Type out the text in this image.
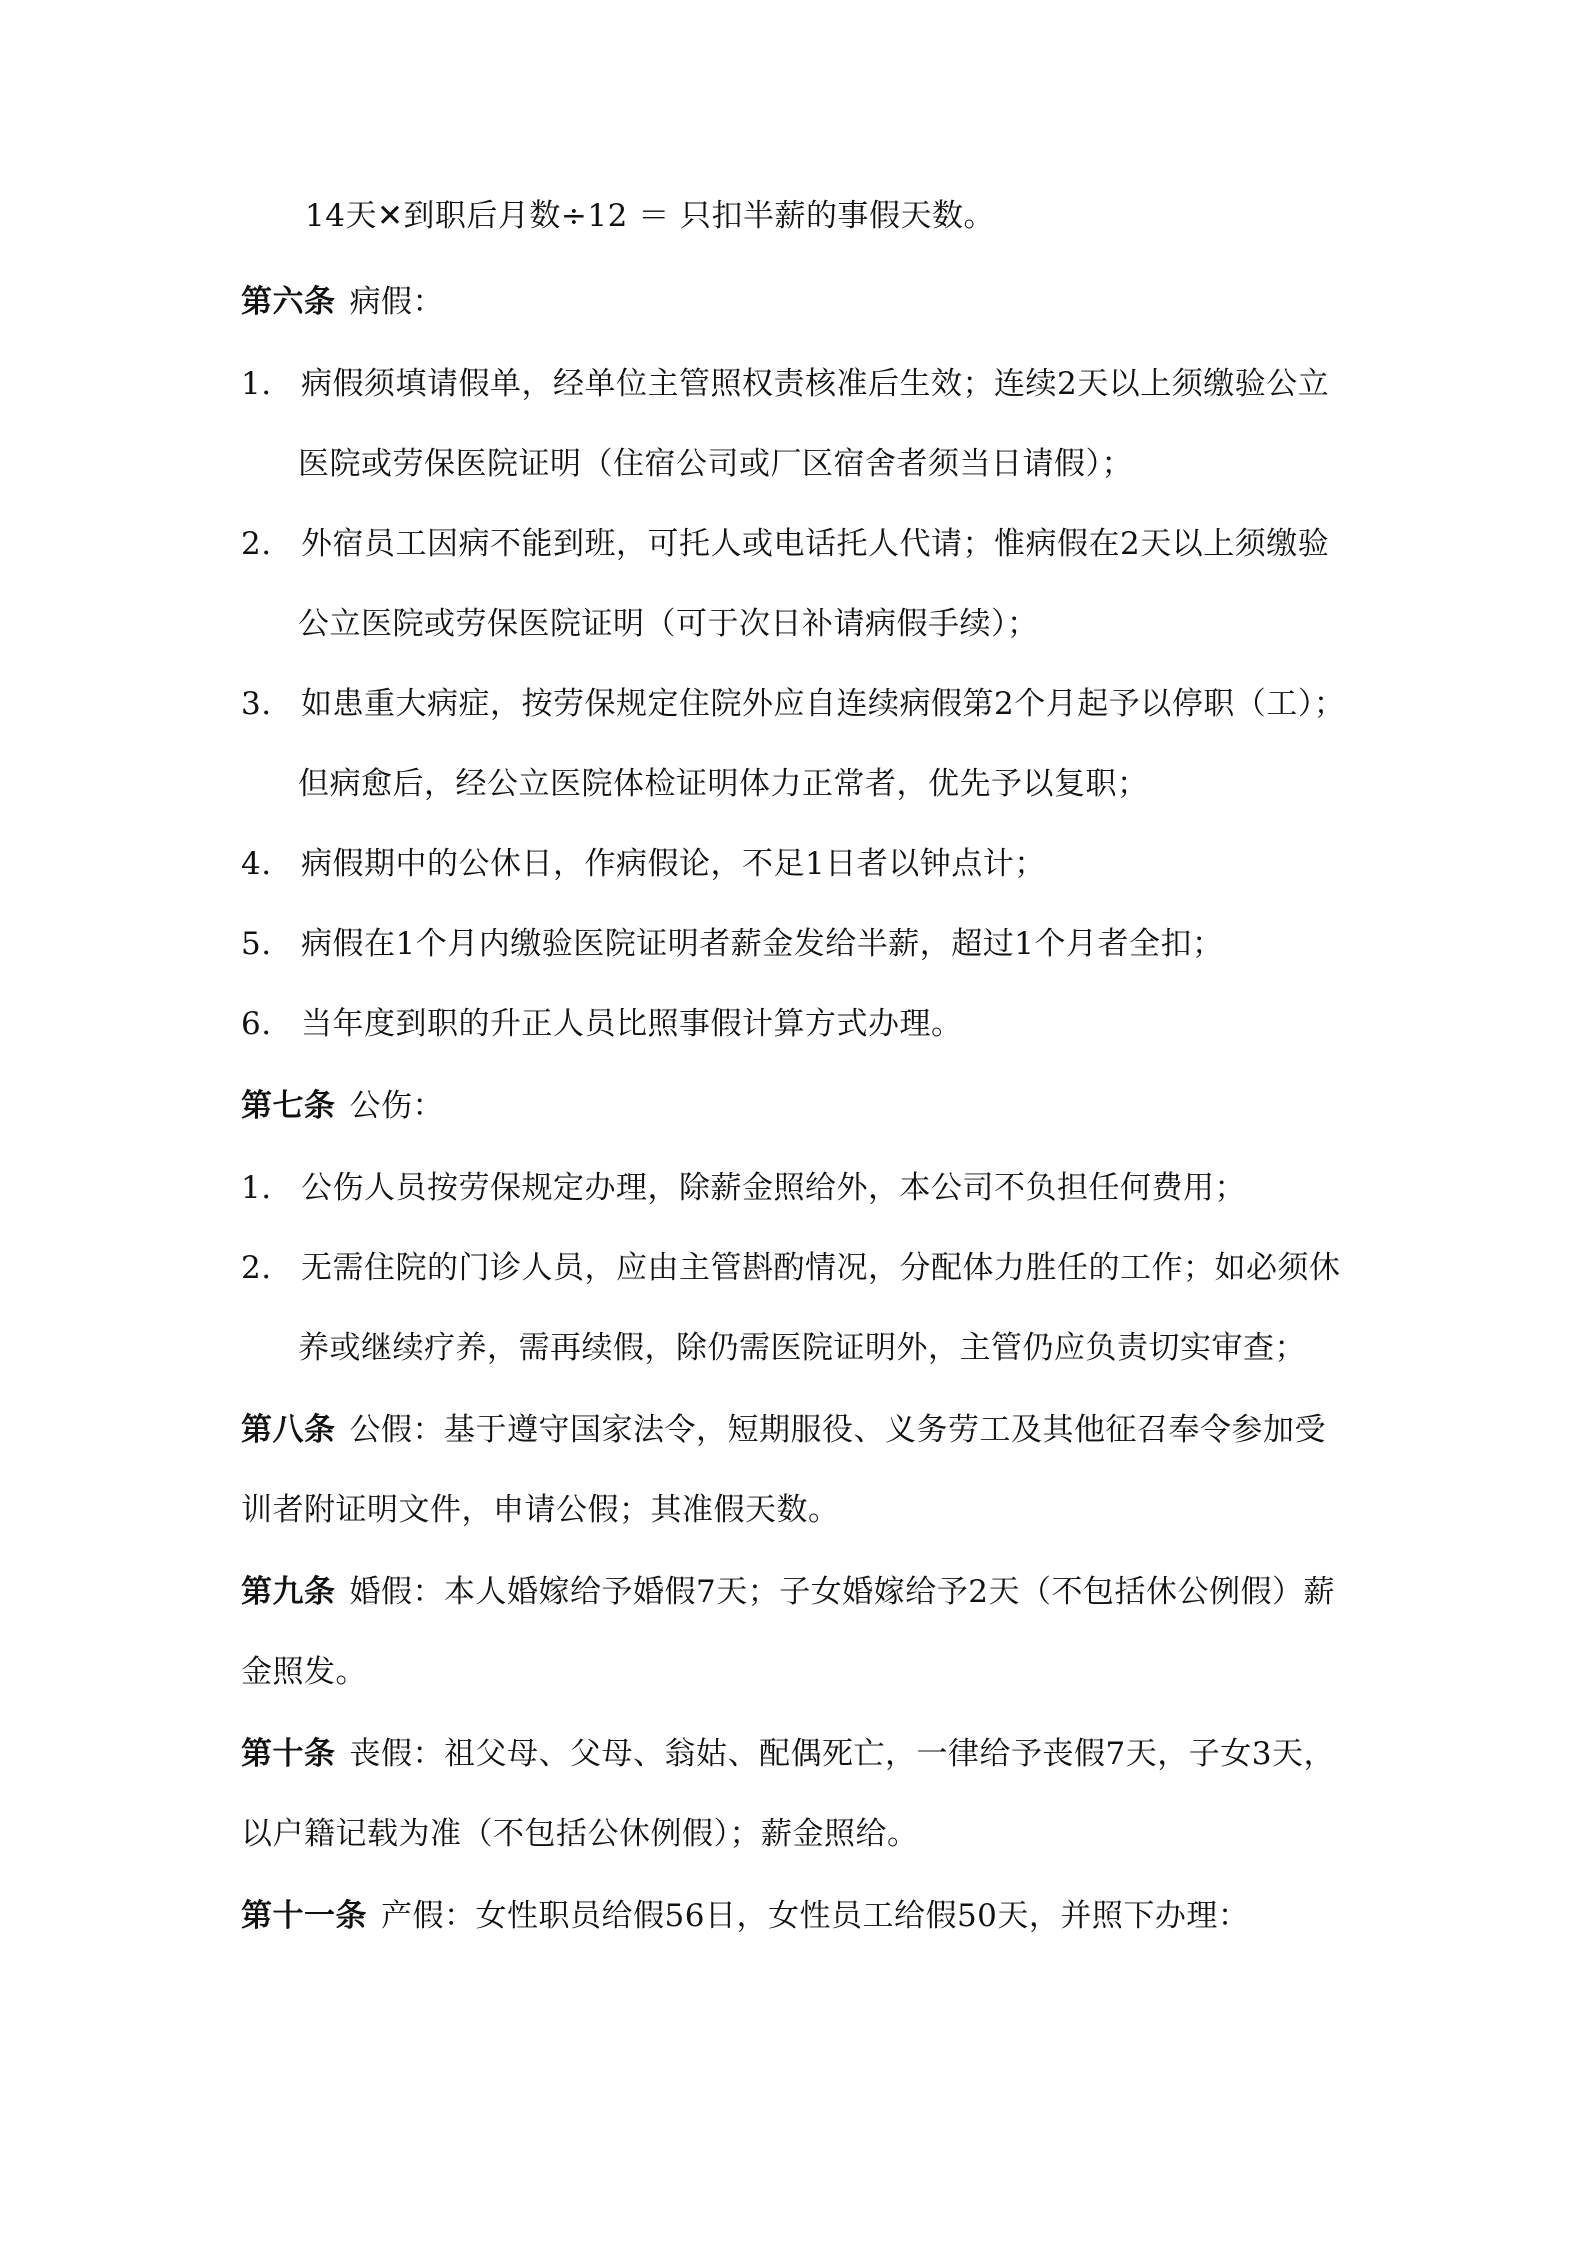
14天✕到职后月数÷12 ＝ 只扣半薪的事假天数。
第六条 病假：
1. 病假须填请假单，经单位主管照权责核准后生效；连续2天以上须缴验公立
医院或劳保医院证明（住宿公司或厂区宿舍者须当日请假）；
2. 外宿员工因病不能到班，可托人或电话托人代请；惟病假在2天以上须缴验
公立医院或劳保医院证明（可于次日补请病假手续）；
3. 如患重大病症，按劳保规定住院外应自连续病假第2个月起予以停职（工）；
但病愈后，经公立医院体检证明体力正常者，优先予以复职；
4. 病假期中的公休日，作病假论，不足1日者以钟点计；
5. 病假在1个月内缴验医院证明者薪金发给半薪，超过1个月者全扣；
6. 当年度到职的升正人员比照事假计算方式办理。
第七条 公伤：
1. 公伤人员按劳保规定办理，除薪金照给外，本公司不负担任何费用；
2. 无需住院的门诊人员，应由主管斟酌情况，分配体力胜任的工作；如必须休
养或继续疗养，需再续假，除仍需医院证明外，主管仍应负责切实审查；
第八条 公假：基于遵守国家法令，短期服役、义务劳工及其他征召奉令参加受
训者附证明文件，申请公假；其准假天数。
第九条 婚假：本人婚嫁给予婚假7天；子女婚嫁给予2天（不包括休公例假）薪
金照发。
第十条 丧假：祖父母、父母、翁姑、配偶死亡，一律给予丧假7天，子女3天，
以户籍记载为准（不包括公休例假）；薪金照给。
第十一条 产假：女性职员给假56日，女性员工给假50天，并照下办理：
